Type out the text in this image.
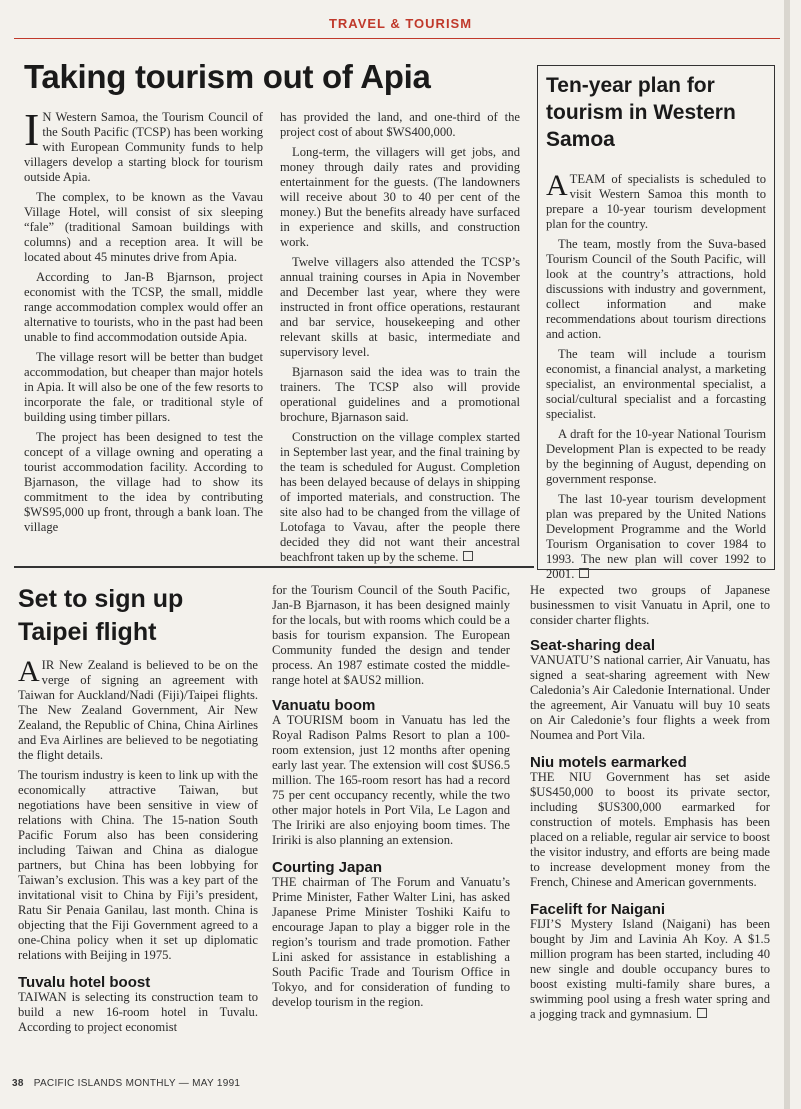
TRAVEL & TOURISM
Taking tourism out of Apia

I N Western Samoa, the Tourism Council of the South Pacific (TCSP) has been working with European Community funds to help villagers develop a starting block for tourism outside Apia.

The complex, to be known as the Vavau Village Hotel, will consist of six sleeping “fale” (traditional Samoan buildings with columns) and a reception area. It will be located about 45 minutes drive from Apia.

According to Jan-B Bjarnson, project economist with the TCSP, the small, middle range accommodation complex would offer an alternative to tourists, who in the past had been unable to find accommodation outside Apia.

The village resort will be better than budget accommodation, but cheaper than major hotels in Apia. It will also be one of the few resorts to incorporate the fale, or traditional style of building using timber pillars.

The project has been designed to test the concept of a village owning and operating a tourist accommodation facility. According to Bjarnason, the village had to show its commitment to the idea by contributing $WS95,000 up front, through a bank loan. The village

has provided the land, and one-third of the project cost of about $WS400,000.

Long-term, the villagers will get jobs, and money through daily rates and providing entertainment for the guests. (The landowners will receive about 30 to 40 per cent of the money.) But the benefits already have surfaced in experience and skills, and construction work.

Twelve villagers also attended the TCSP’s annual training courses in Apia in November and December last year, where they were instructed in front office operations, restaurant and bar service, housekeeping and other relevant skills at basic, intermediate and supervisory level.

Bjarnason said the idea was to train the trainers. The TCSP also will provide operational guidelines and a promotional brochure, Bjarnason said.

Construction on the village complex started in September last year, and the final training by the team is scheduled for August. Completion has been delayed because of delays in shipping of imported materials, and construction. The site also had to be changed from the village of Lotofaga to Vavau, after the people there decided they did not want their ancestral beachfront taken up by the scheme.

Ten-year plan for tourism in Western Samoa

ATEAM of specialists is scheduled to visit Western Samoa this month to prepare a 10-year tourism development plan for the country.

The team, mostly from the Suva-based Tourism Council of the South Pacific, will look at the country’s attractions, hold discussions with industry and government, collect information and make recommendations about tourism directions and action.

The team will include a tourism economist, a financial analyst, a marketing specialist, an environmental specialist, a social/cultural specialist and a forcasting specialist.

A draft for the 10-year National Tourism Development Plan is expected to be ready by the beginning of August, depending on government response.

The last 10-year tourism development plan was prepared by the United Nations Development Programme and the World Tourism Organisation to cover 1984 to 1993. The new plan will cover 1992 to 2001.

Set to sign up Taipei flight

AIR New Zealand is believed to be on the verge of signing an agreement with Taiwan for Auckland/Nadi (Fiji)/Taipei flights. The New Zealand Government, Air New Zealand, the Republic of China, China Airlines and Eva Airlines are believed to be negotiating the flight details.

The tourism industry is keen to link up with the economically attractive Taiwan, but negotiations have been sensitive in view of relations with China. The 15-nation South Pacific Forum also has been considering including Taiwan and China as dialogue partners, but China has been lobbying for Taiwan’s exclusion. This was a key part of the invitational visit to China by Fiji’s president, Ratu Sir Penaia Ganilau, last month. China is objecting that the Fiji Government agreed to a one-China policy when it set up diplomatic relations with Beijing in 1975.

Tuvalu hotel boost

TAIWAN is selecting its construction team to build a new 16-room hotel in Tuvalu. According to project economist

for the Tourism Council of the South Pacific, Jan-B Bjarnason, it has been designed mainly for the locals, but with rooms which could be a basis for tourism expansion. The European Community funded the design and tender process. An 1987 estimate costed the middle-range hotel at $AUS2 million.

Vanuatu boom

A TOURISM boom in Vanuatu has led the Royal Radison Palms Resort to plan a 100-room extension, just 12 months after opening early last year. The extension will cost $US6.5 million. The 165-room resort has had a record 75 per cent occupancy recently, while the two other major hotels in Port Vila, Le Lagon and The Iririki are also enjoying boom times. The Iririki is also planning an extension.

Courting Japan

THE chairman of The Forum and Vanuatu’s Prime Minister, Father Walter Lini, has asked Japanese Prime Minister Toshiki Kaifu to encourage Japan to play a bigger role in the region’s tourism and trade promotion. Father Lini asked for assistance in establishing a South Pacific Trade and Tourism Office in Tokyo, and for consideration of funding to develop tourism in the region.

He expected two groups of Japanese businessmen to visit Vanuatu in April, one to consider charter flights.

Seat-sharing deal

VANUATU’S national carrier, Air Vanuatu, has signed a seat-sharing agreement with New Caledonia’s Air Caledonie International. Under the agreement, Air Vanuatu will buy 10 seats on Air Caledonie’s four flights a week from Noumea and Port Vila.

Niu motels earmarked

THE NIU Government has set aside $US450,000 to boost its private sector, including $US300,000 earmarked for construction of motels. Emphasis has been placed on a reliable, regular air service to boost the visitor industry, and efforts are being made to increase development money from the French, Chinese and American governments.

Facelift for Naigani

FIJI’S Mystery Island (Naigani) has been bought by Jim and Lavinia Ah Koy. A $1.5 million program has been started, including 40 new single and double occupancy bures to boost existing multi-family share bures, a swimming pool using a fresh water spring and a jogging track and gymnasium.

38 PACIFIC ISLANDS MONTHLY — MAY 1991
